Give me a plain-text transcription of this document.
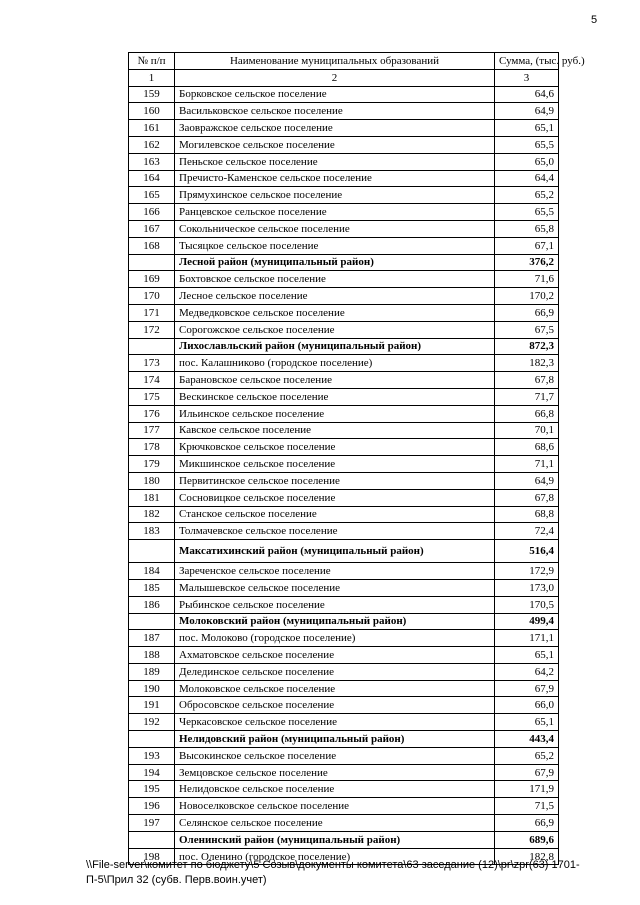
5
№ п/п	Наименование муниципальных образований	Сумма, (тыс. руб.)
1	2	3
159	Борковское сельское поселение	64,6
160	Васильковское сельское поселение	64,9
161	Заовражское сельское поселение	65,1
162	Могилевское сельское поселение	65,5
163	Пеньское сельское поселение	65,0
164	Пречисто-Каменское сельское поселение	64,4
165	Прямухинское сельское поселение	65,2
166	Ранцевское сельское поселение	65,5
167	Сокольническое сельское поселение	65,8
168	Тысяцкое сельское поселение	67,1
	Лесной район (муниципальный район)	376,2
169	Бохтовское сельское поселение	71,6
170	Лесное сельское поселение	170,2
171	Медведковское сельское поселение	66,9
172	Сорогожское сельское поселение	67,5
	Лихославльский район (муниципальный район)	872,3
173	пос. Калашниково (городское поселение)	182,3
174	Барановское сельское поселение	67,8
175	Вескинское сельское поселение	71,7
176	Ильинское сельское поселение	66,8
177	Кавское сельское поселение	70,1
178	Крючковское сельское поселение	68,6
179	Микшинское сельское поселение	71,1
180	Первитинское сельское поселение	64,9
181	Сосновицкое сельское поселение	67,8
182	Станское сельское поселение	68,8
183	Толмачевское сельское поселение	72,4
	Максатихинский район (муниципальный район)	516,4
184	Зареченское сельское поселение	172,9
185	Малышевское сельское поселение	173,0
186	Рыбинское сельское поселение	170,5
	Молоковский район (муниципальный район)	499,4
187	пос. Молоково (городское поселение)	171,1
188	Ахматовское сельское поселение	65,1
189	Делединское сельское поселение	64,2
190	Молоковское сельское поселение	67,9
191	Обросовское сельское поселение	66,0
192	Черкасовское сельское поселение	65,1
	Нелидовский район (муниципальный район)	443,4
193	Высокинское сельское поселение	65,2
194	Земцовское сельское поселение	67,9
195	Нелидовское сельское поселение	171,9
196	Новоселковское сельское поселение	71,5
197	Селянское сельское поселение	66,9
	Оленинский район (муниципальный район)	689,6
198	пос. Оленино (городское поселение)	182,8
\\File-server\комитет по бюджету\5 Созыв\документы комитета\63 заседание (12)\pr\zpr(63) 1701-П-5\Прил 32 (субв. Перв.воин.учет)
